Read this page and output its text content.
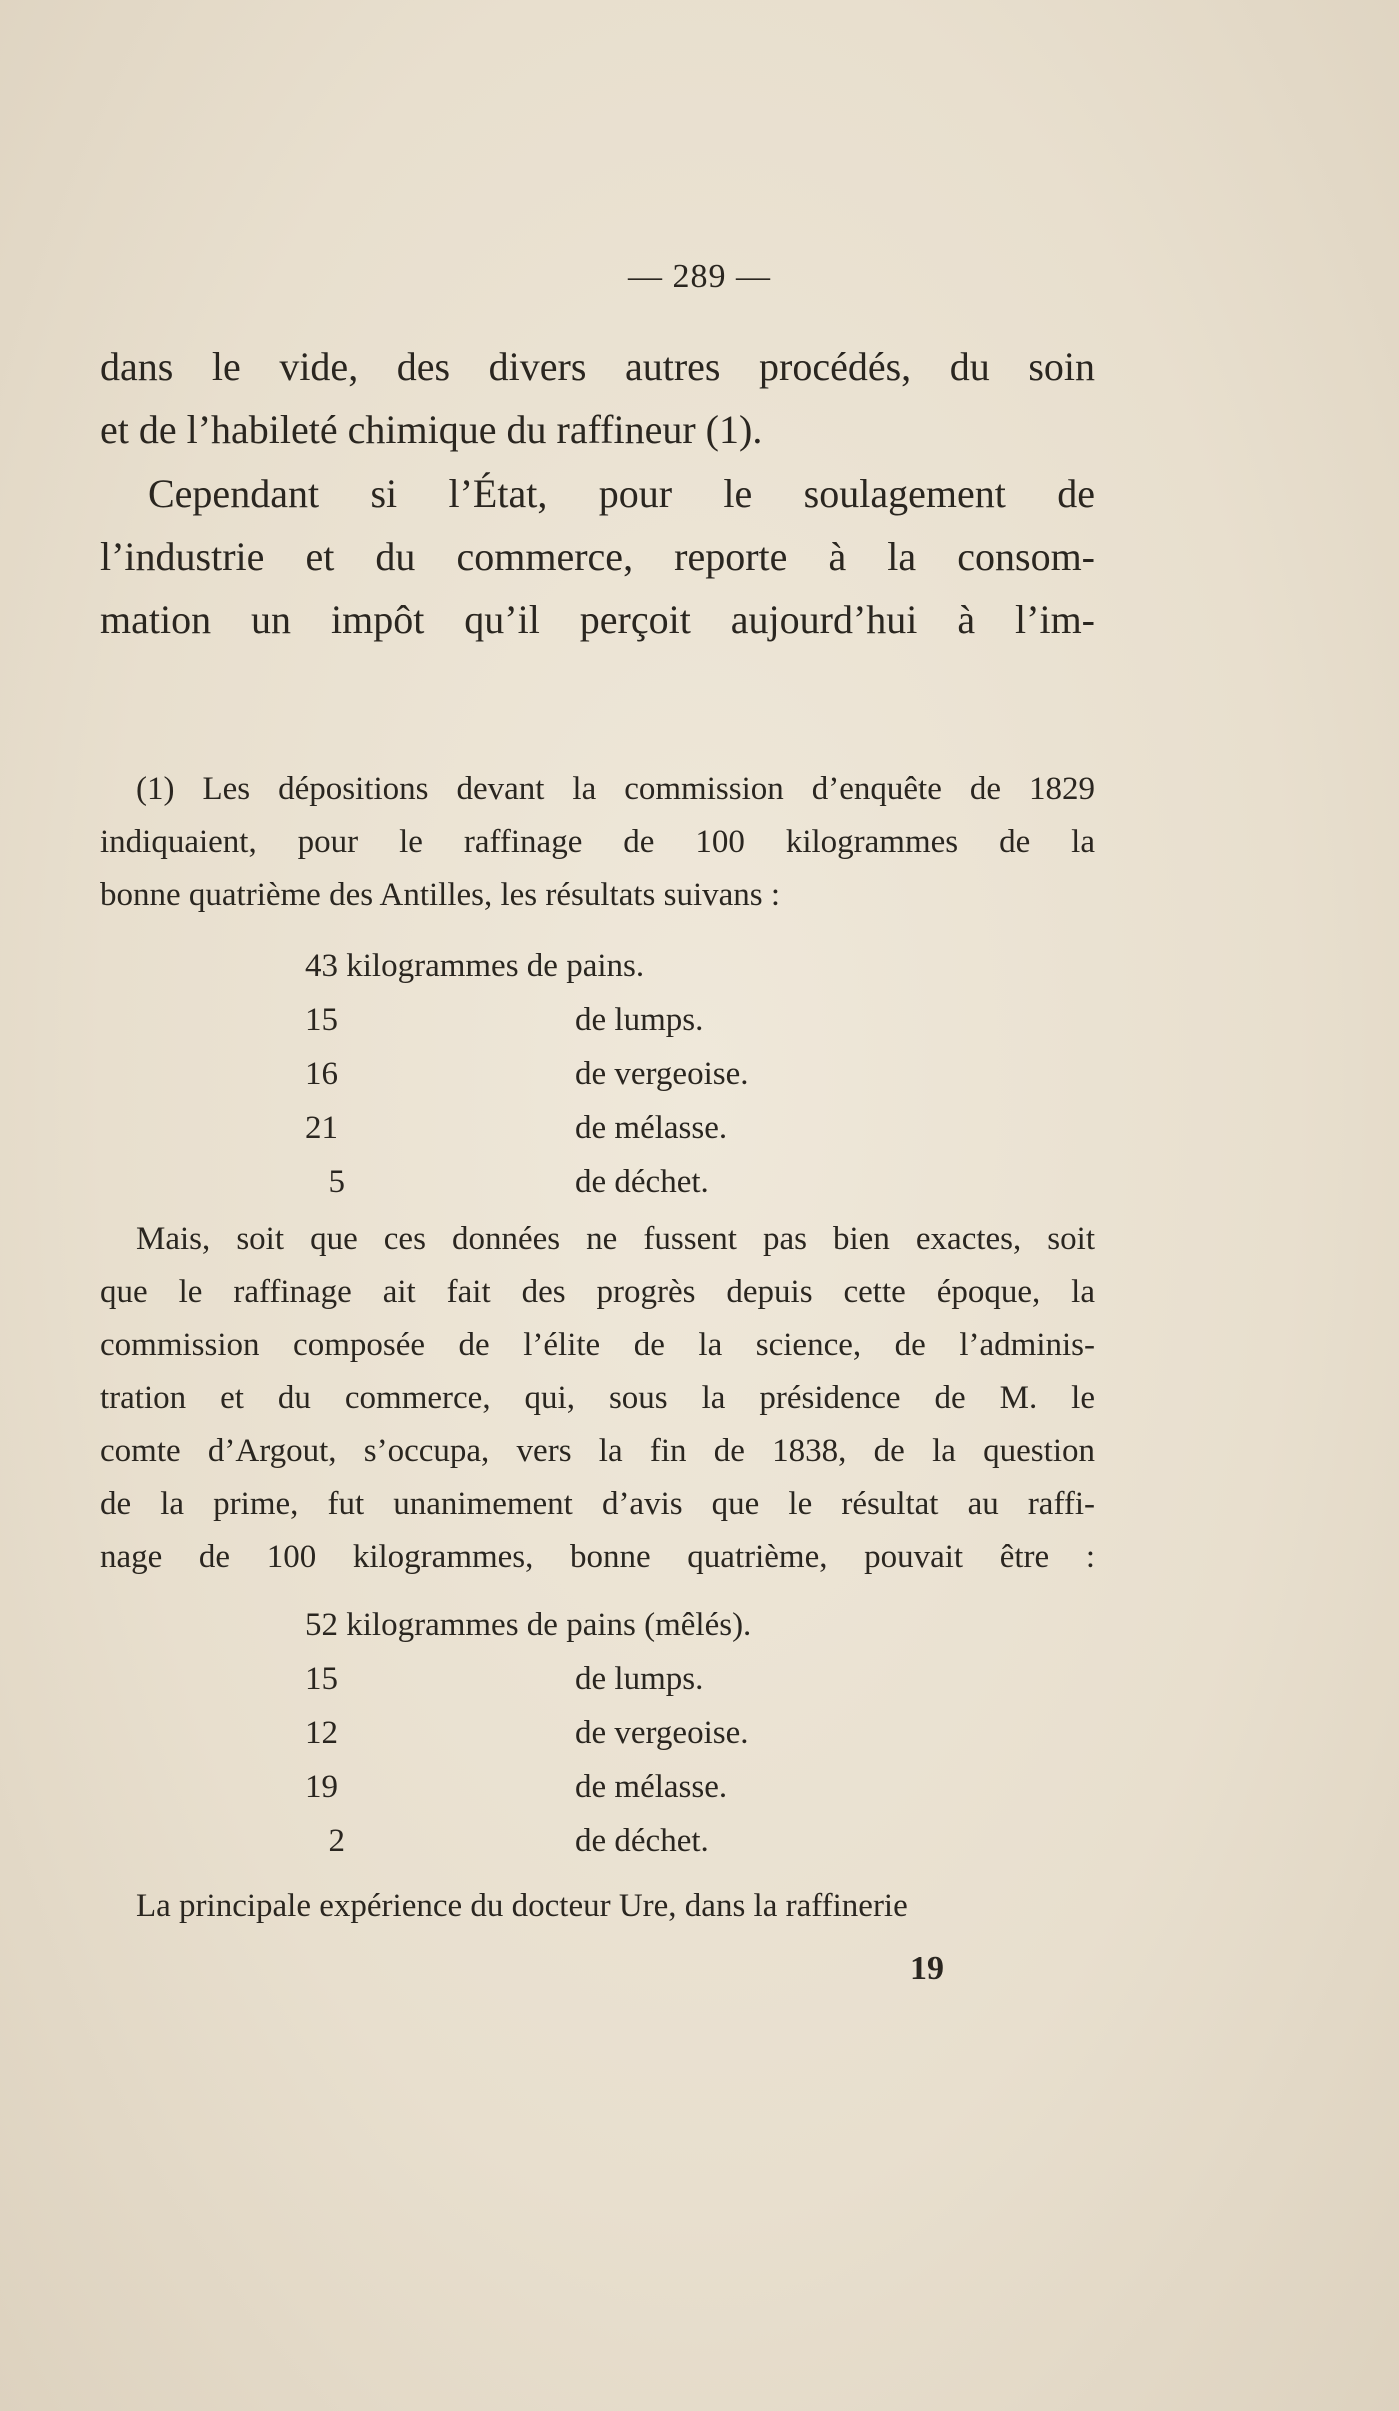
— 289 —
dans le vide, des divers autres procédés, du soin
et de l’habileté chimique du raffineur (1).
Cependant si l’État, pour le soulagement de
l’industrie et du commerce, reporte à la consom-
mation un impôt qu’il perçoit aujourd’hui à l’im-
(1) Les dépositions devant la commission d’enquête de 1829
indiquaient, pour le raffinage de 100 kilogrammes de la
bonne quatrième des Antilles, les résultats suivans :
43 kilogrammes de pains.
15	de lumps.
16	de vergeoise.
21	de mélasse.
5	de déchet.
Mais, soit que ces données ne fussent pas bien exactes, soit
que le raffinage ait fait des progrès depuis cette époque, la
commission composée de l’élite de la science, de l’adminis-
tration et du commerce, qui, sous la présidence de M. le
comte d’Argout, s’occupa, vers la fin de 1838, de la question
de la prime, fut unanimement d’avis que le résultat au raffi-
nage de 100 kilogrammes, bonne quatrième, pouvait être :
52 kilogrammes de pains (mêlés).
15	de lumps.
12	de vergeoise.
19	de mélasse.
2	de déchet.
La principale expérience du docteur Ure, dans la raffinerie
19
